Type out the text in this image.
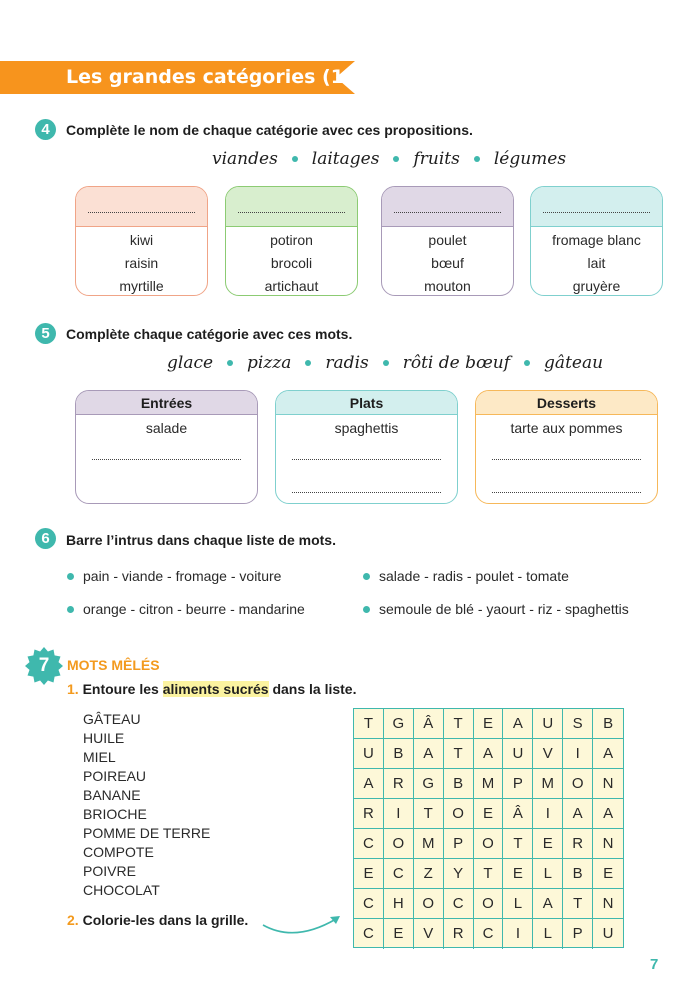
Les grandes catégories (1)
4	Complète le nom de chaque catégorie avec ces propositions.
viandes laitages fruits légumes
kiwi
raisin
myrtille
potiron
brocoli
artichaut
poulet
bœuf
mouton
fromage blanc
lait
gruyère
5	Complète chaque catégorie avec ces mots.
glace pizza radis rôti de bœuf gâteau
Entrées
salade
Plats
spaghettis
Desserts
tarte aux pommes
6	Barre l’intrus dans chaque liste de mots.
pain - viande - fromage - voiture	salade - radis - poulet - tomate
orange - citron - beurre - mandarine	semoule de blé - yaourt - riz - spaghettis
7	MOTS MÊLÉS
1. Entoure les aliments sucrés dans la liste.
GÂTEAU
HUILE
MIEL
POIREAU
BANANE
BRIOCHE
POMME DE TERRE
COMPOTE
POIVRE
CHOCOLAT
2. Colorie-les dans la grille.
T	G	Â	T	E	A	U	S	B
U	B	A	T	A	U	V	I	A
A	R	G	B	M	P	M	O	N
R	I	T	O	E	Â	I	A	A
C	O	M	P	O	T	E	R	N
E	C	Z	Y	T	E	L	B	E
C	H	O	C	O	L	A	T	N
C	E	V	R	C	I	L	P	U
7
